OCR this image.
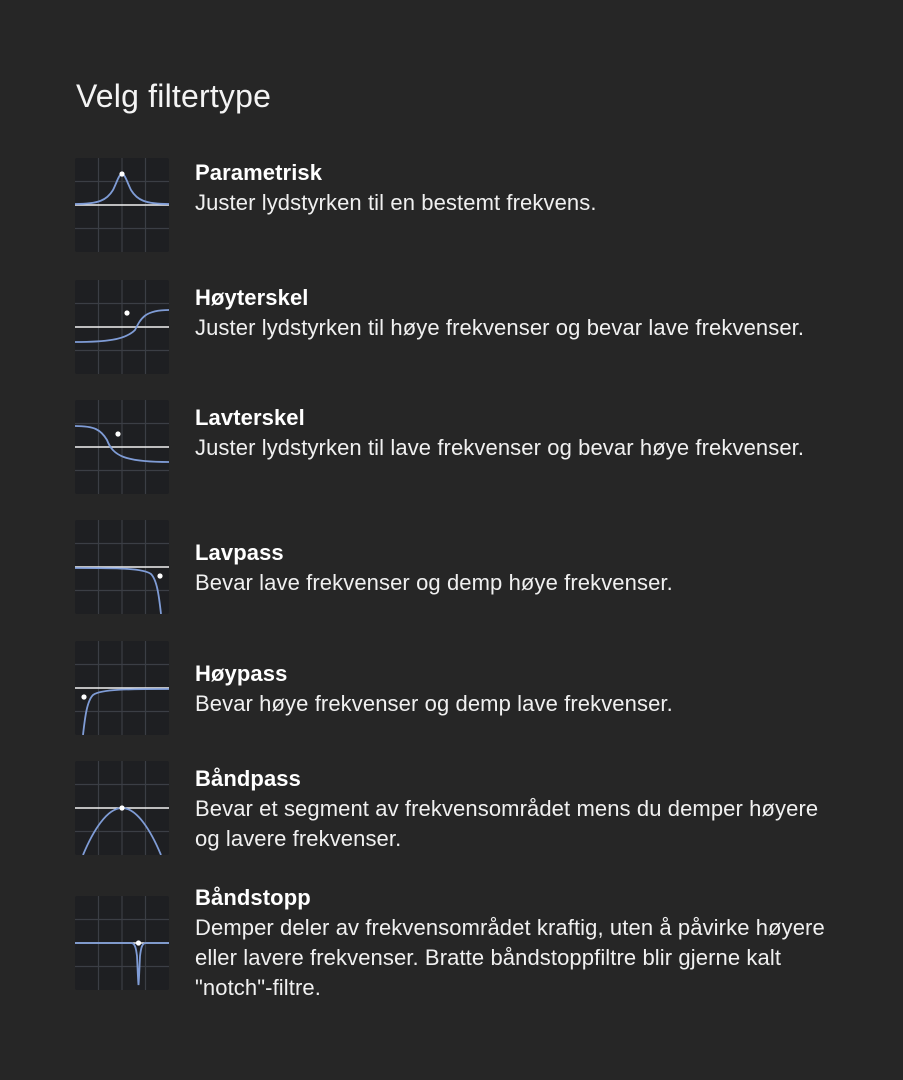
Velg filtertype
Parametrisk
Juster lydstyrken til en bestemt frekvens.
Høyterskel
Juster lydstyrken til høye frekvenser og bevar lave frekvenser.
Lavterskel
Juster lydstyrken til lave frekvenser og bevar høye frekvenser.
Lavpass
Bevar lave frekvenser og demp høye frekvenser.
Høypass
Bevar høye frekvenser og demp lave frekvenser.
Båndpass
Bevar et segment av frekvensområdet mens du demper høyere og lavere frekvenser.
Båndstopp
Demper deler av frekvensområdet kraftig, uten å påvirke høyere eller lavere frekvenser. Bratte båndstoppfiltre blir gjerne kalt "notch"-filtre.
